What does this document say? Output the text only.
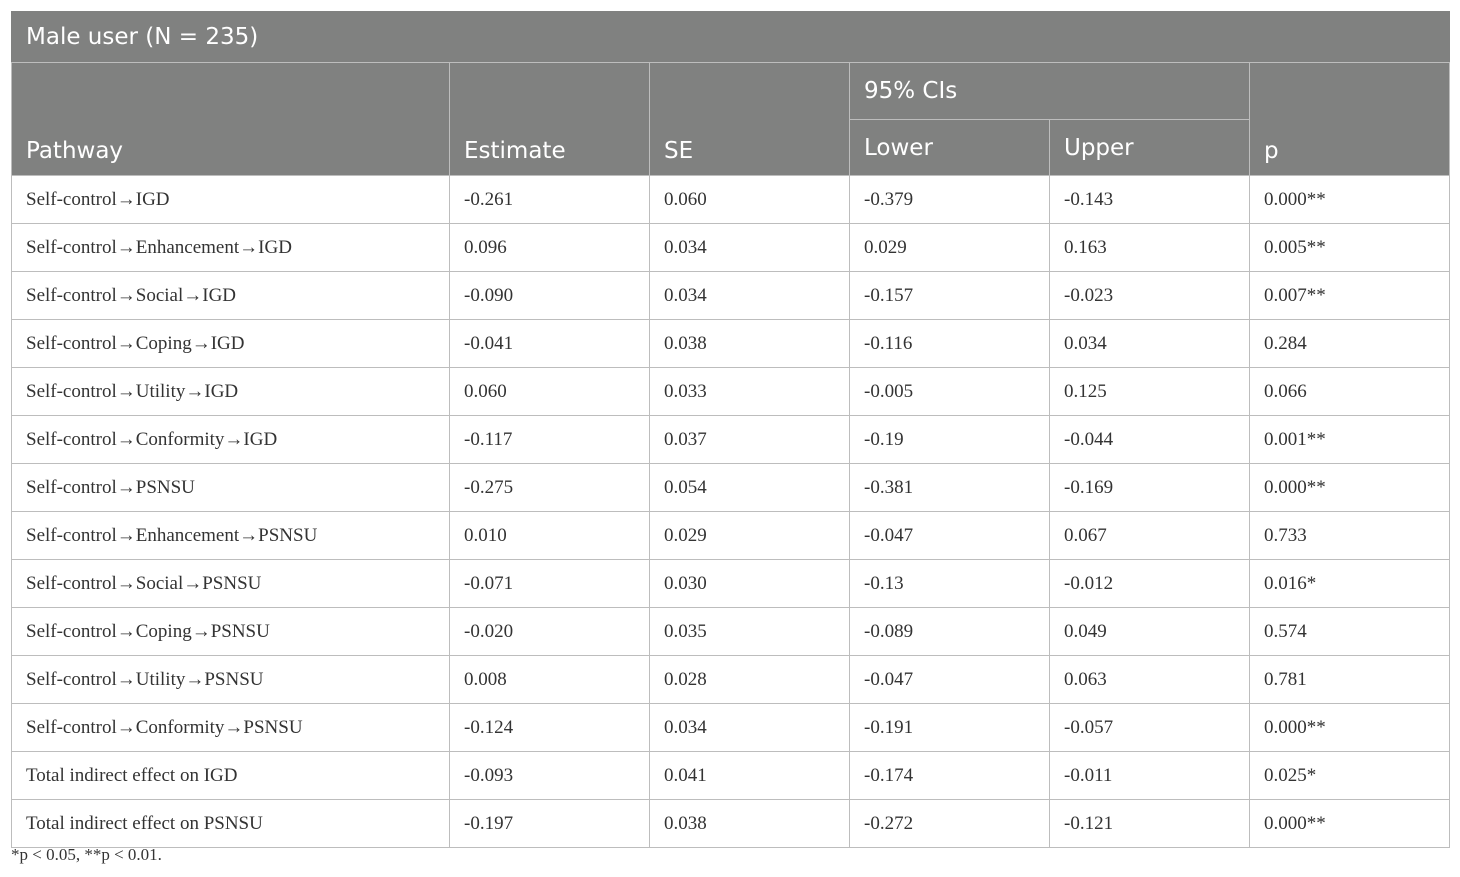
Male user (N = 235)					
Pathway	Estimate	SE	95% CIs		p
			Lower	Upper	
Self-control→IGD	-0.261	0.060	-0.379	-0.143	0.000**
Self-control→Enhancement→IGD	0.096	0.034	0.029	0.163	0.005**
Self-control→Social→IGD	-0.090	0.034	-0.157	-0.023	0.007**
Self-control→Coping→IGD	-0.041	0.038	-0.116	0.034	0.284
Self-control→Utility→IGD	0.060	0.033	-0.005	0.125	0.066
Self-control→Conformity→IGD	-0.117	0.037	-0.19	-0.044	0.001**
Self-control→PSNSU	-0.275	0.054	-0.381	-0.169	0.000**
Self-control→Enhancement→PSNSU	0.010	0.029	-0.047	0.067	0.733
Self-control→Social→PSNSU	-0.071	0.030	-0.13	-0.012	0.016*
Self-control→Coping→PSNSU	-0.020	0.035	-0.089	0.049	0.574
Self-control→Utility→PSNSU	0.008	0.028	-0.047	0.063	0.781
Self-control→Conformity→PSNSU	-0.124	0.034	-0.191	-0.057	0.000**
Total indirect effect on IGD	-0.093	0.041	-0.174	-0.011	0.025*
Total indirect effect on PSNSU	-0.197	0.038	-0.272	-0.121	0.000**
*p < 0.05, **p < 0.01.
